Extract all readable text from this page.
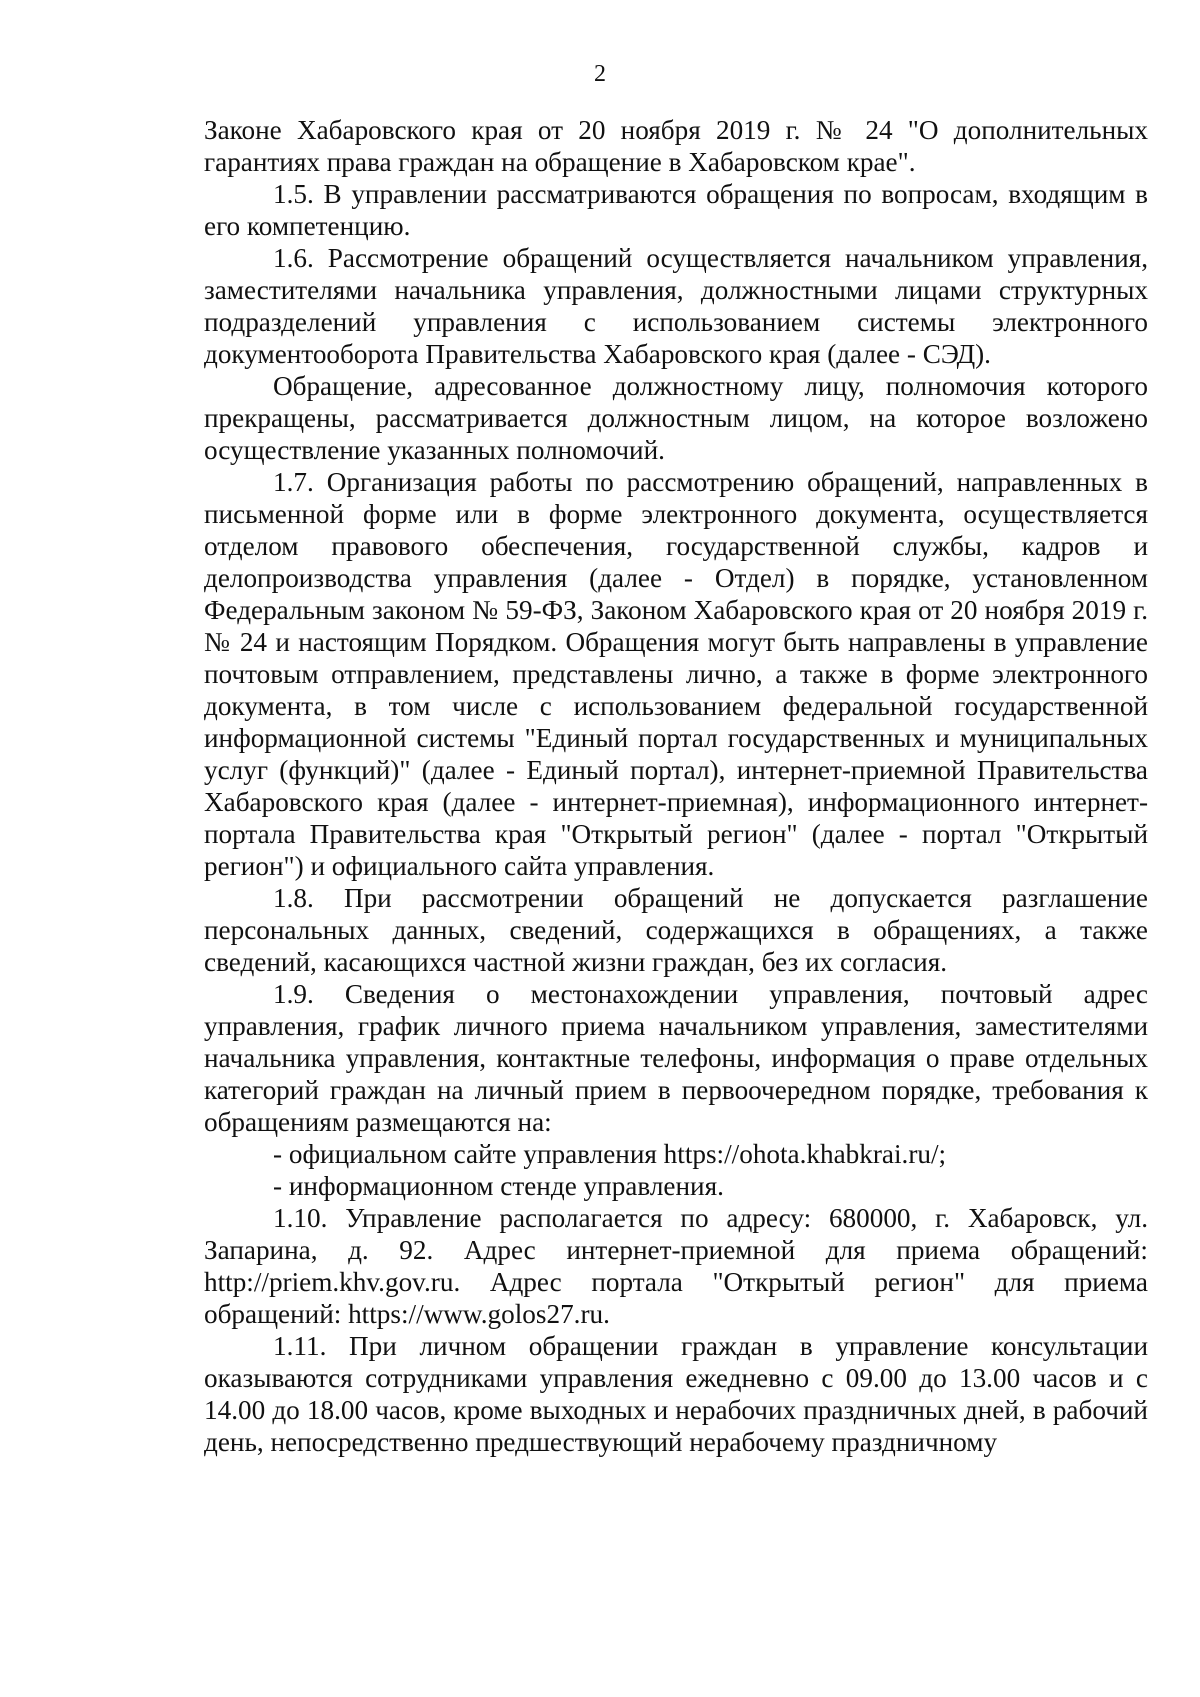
2

Законе Хабаровского края от 20 ноября 2019 г. № 24 "О дополнительных гарантиях права граждан на обращение в Хабаровском крае".

1.5. В управлении рассматриваются обращения по вопросам, входящим в его компетенцию.

1.6. Рассмотрение обращений осуществляется начальником управления, заместителями начальника управления, должностными лицами структурных подразделений управления с использованием системы электронного документооборота Правительства Хабаровского края (далее - СЭД).

Обращение, адресованное должностному лицу, полномочия которого прекращены, рассматривается должностным лицом, на которое возложено осуществление указанных полномочий.

1.7. Организация работы по рассмотрению обращений, направленных в письменной форме или в форме электронного документа, осуществляется отделом правового обеспечения, государственной службы, кадров и делопроизводства управления (далее - Отдел) в порядке, установленном Федеральным законом № 59-ФЗ, Законом Хабаровского края от 20 ноября 2019 г. № 24 и настоящим Порядком. Обращения могут быть направлены в управление почтовым отправлением, представлены лично, а также в форме электронного документа, в том числе с использованием федеральной государственной информационной системы "Единый портал государственных и муниципальных услуг (функций)" (далее - Единый портал), интернет-приемной Правительства Хабаровского края (далее - интернет-приемная), информационного интернет-портала Правительства края "Открытый регион" (далее - портал "Открытый регион") и официального сайта управления.

1.8. При рассмотрении обращений не допускается разглашение персональных данных, сведений, содержащихся в обращениях, а также сведений, касающихся частной жизни граждан, без их согласия.

1.9. Сведения о местонахождении управления, почтовый адрес управления, график личного приема начальником управления, заместителями начальника управления, контактные телефоны, информация о праве отдельных категорий граждан на личный прием в первоочередном порядке, требования к обращениям размещаются на:

- официальном сайте управления https://ohota.khabkrai.ru/;

- информационном стенде управления.

1.10. Управление располагается по адресу: 680000, г. Хабаровск, ул. Запарина, д. 92. Адрес интернет-приемной для приема обращений: http://priem.khv.gov.ru. Адрес портала "Открытый регион" для приема обращений: https://www.golos27.ru.

1.11. При личном обращении граждан в управление консультации оказываются сотрудниками управления ежедневно с 09.00 до 13.00 часов и с 14.00 до 18.00 часов, кроме выходных и нерабочих праздничных дней, в рабочий день, непосредственно предшествующий нерабочему праздничному
